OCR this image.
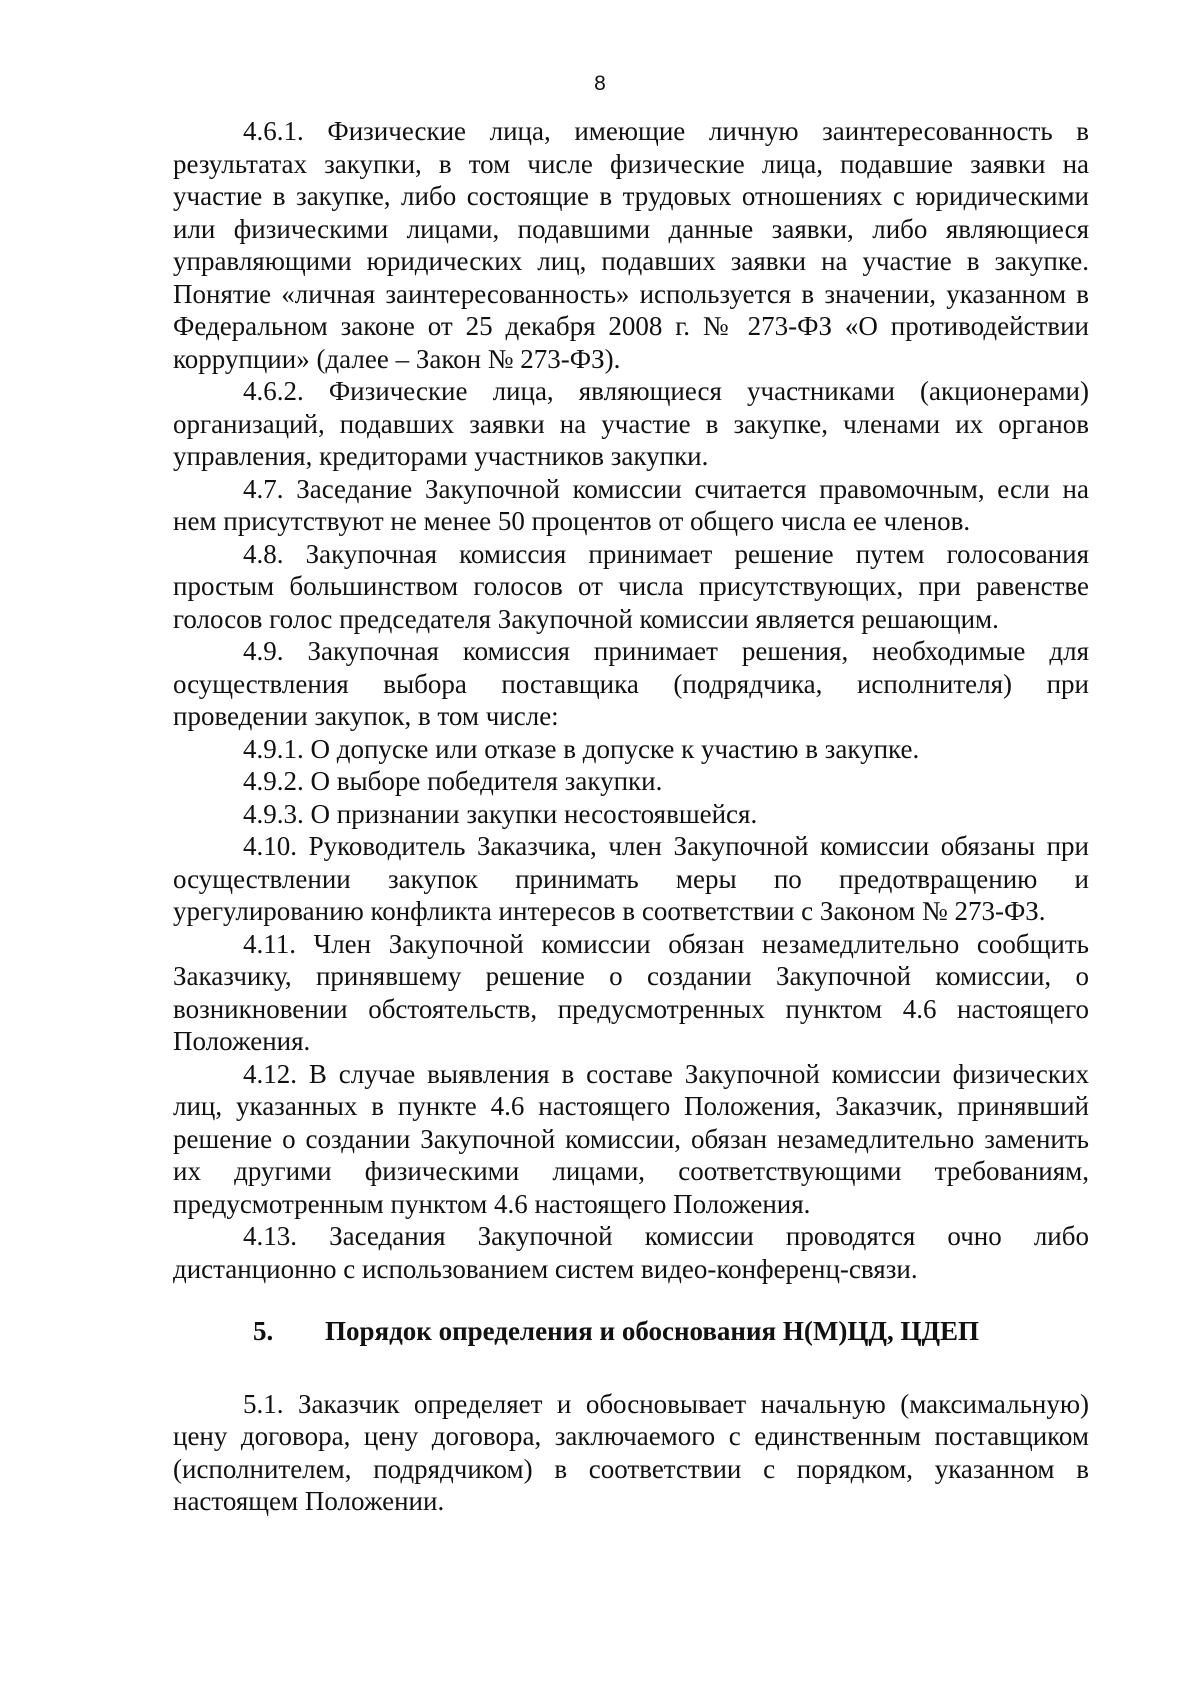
8

4.6.1. Физические лица, имеющие личную заинтересованность в результатах закупки, в том числе физические лица, подавшие заявки на участие в закупке, либо состоящие в трудовых отношениях с юридическими или физическими лицами, подавшими данные заявки, либо являющиеся управляющими юридических лиц, подавших заявки на участие в закупке. Понятие «личная заинтересованность» используется в значении, указанном в Федеральном законе от 25 декабря 2008 г. № 273-ФЗ «О противодействии коррупции» (далее – Закон № 273-ФЗ).

4.6.2. Физические лица, являющиеся участниками (акционерами) организаций, подавших заявки на участие в закупке, членами их органов управления, кредиторами участников закупки.

4.7. Заседание Закупочной комиссии считается правомочным, если на нем присутствуют не менее 50 процентов от общего числа ее членов.

4.8. Закупочная комиссия принимает решение путем голосования простым большинством голосов от числа присутствующих, при равенстве голосов голос председателя Закупочной комиссии является решающим.

4.9. Закупочная комиссия принимает решения, необходимые для осуществления выбора поставщика (подрядчика, исполнителя) при проведении закупок, в том числе:

4.9.1. О допуске или отказе в допуске к участию в закупке.

4.9.2. О выборе победителя закупки.

4.9.3. О признании закупки несостоявшейся.

4.10. Руководитель Заказчика, член Закупочной комиссии обязаны при осуществлении закупок принимать меры по предотвращению и урегулированию конфликта интересов в соответствии с Законом № 273-ФЗ.

4.11. Член Закупочной комиссии обязан незамедлительно сообщить Заказчику, принявшему решение о создании Закупочной комиссии, о возникновении обстоятельств, предусмотренных пунктом 4.6 настоящего Положения.

4.12. В случае выявления в составе Закупочной комиссии физических лиц, указанных в пункте 4.6 настоящего Положения, Заказчик, принявший решение о создании Закупочной комиссии, обязан незамедлительно заменить их другими физическими лицами, соответствующими требованиям, предусмотренным пунктом 4.6 настоящего Положения.

4.13. Заседания Закупочной комиссии проводятся очно либо дистанционно с использованием систем видео-конференц-связи.

5.	Порядок определения и обоснования Н(М)ЦД, ЦДЕП

5.1. Заказчик определяет и обосновывает начальную (максимальную) цену договора, цену договора, заключаемого с единственным поставщиком (исполнителем, подрядчиком) в соответствии с порядком, указанном в настоящем Положении.
